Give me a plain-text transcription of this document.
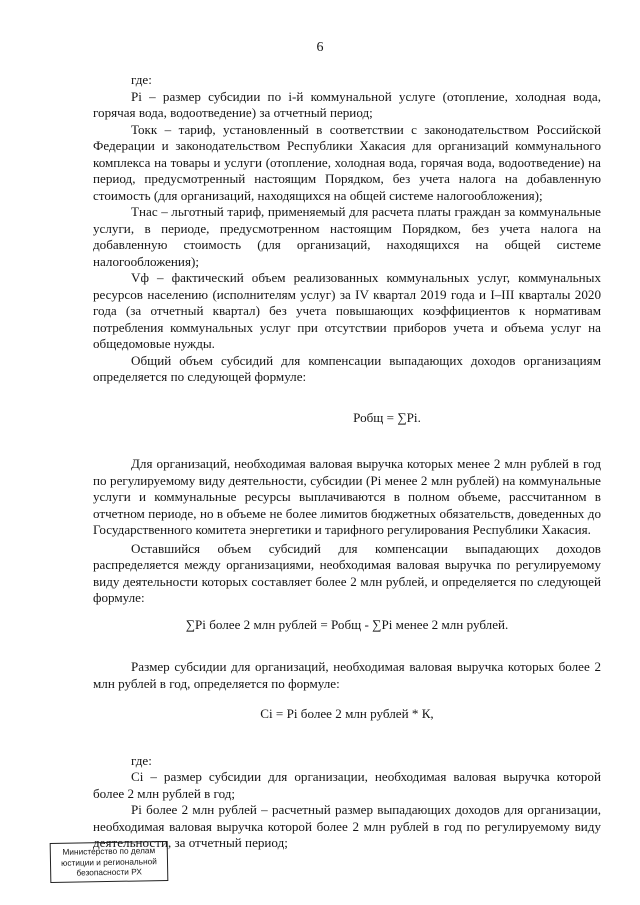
6

где:

Pi – размер субсидии по i-й коммунальной услуге (отопление, холодная вода, горячая вода, водоотведение) за отчетный период;

Токк – тариф, установленный в соответствии с законодательством Российской Федерации и законодательством Республики Хакасия для организаций коммунального комплекса на товары и услуги (отопление, холодная вода, горячая вода, водоотведение) на период, предусмотренный настоящим Порядком, без учета налога на добавленную стоимость (для организаций, находящихся на общей системе налогообложения);

Тнас – льготный тариф, применяемый для расчета платы граждан за коммунальные услуги, в периоде, предусмотренном настоящим Порядком, без учета налога на добавленную стоимость (для организаций, находящихся на общей системе налогообложения);

Vф – фактический объем реализованных коммунальных услуг, коммунальных ресурсов населению (исполнителям услуг) за IV квартал 2019 года и I–III кварталы 2020 года (за отчетный квартал) без учета повышающих коэффициентов к нормативам потребления коммунальных услуг при отсутствии приборов учета и объема услуг на общедомовые нужды.

Общий объем субсидий для компенсации выпадающих доходов организациям определяется по следующей формуле:

Робщ = ∑Pi.

Для организаций, необходимая валовая выручка которых менее 2 млн рублей в год по регулируемому виду деятельности, субсидии (Pi менее 2 млн рублей) на коммунальные услуги и коммунальные ресурсы выплачиваются в полном объеме, рассчитанном в отчетном периоде, но в объеме не более лимитов бюджетных обязательств, доведенных до Государственного комитета энергетики и тарифного регулирования Республики Хакасия.

Оставшийся объем субсидий для компенсации выпадающих доходов распределяется между организациями, необходимая валовая выручка по регулируемому виду деятельности которых составляет более 2 млн рублей, и определяется по следующей формуле:

∑Pi более 2 млн рублей = Робщ - ∑Pi менее 2 млн рублей.

Размер субсидии для организаций, необходимая валовая выручка которых более 2 млн рублей в год, определяется по формуле:

Ci = Pi более 2 млн рублей * К,

где:

Ci – размер субсидии для организации, необходимая валовая выручка которой более 2 млн рублей в год;

Pi более 2 млн рублей – расчетный размер выпадающих доходов для организации, необходимая валовая выручка которой более 2 млн рублей в год по регулируемому виду деятельности, за отчетный период;

Министерство по делам
юстиции и региональной
безопасности РХ
